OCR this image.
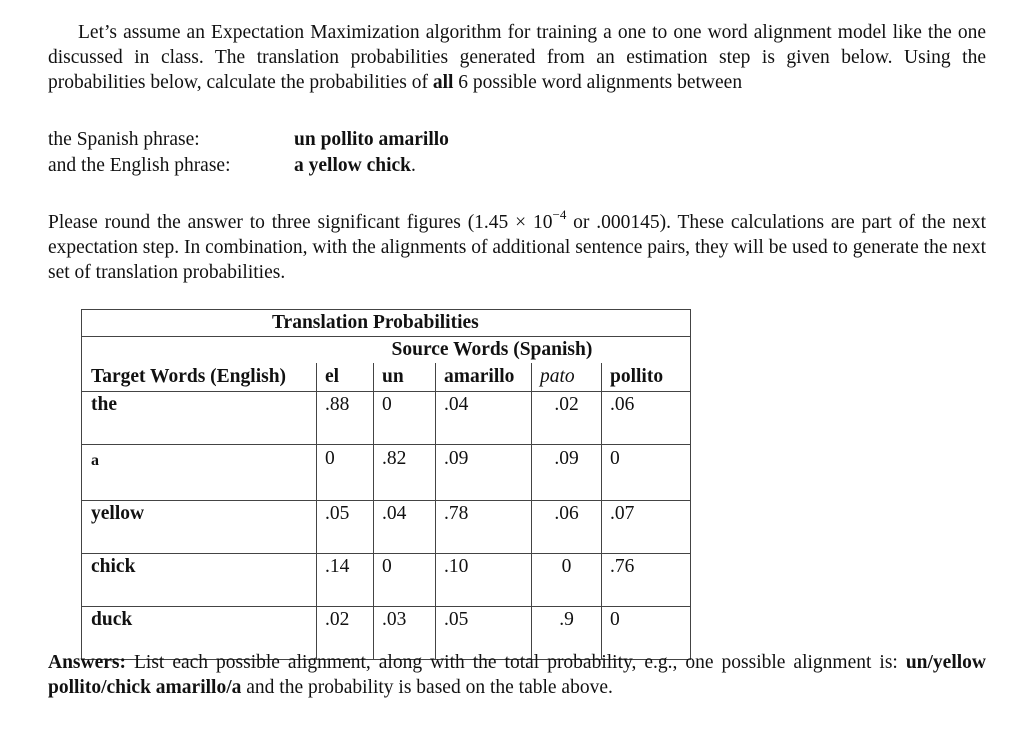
Let’s assume an Expectation Maximization algorithm for training a one to one word alignment model like the one discussed in class. The translation probabilities generated from an estimation step is given below. Using the probabilities below, calculate the probabilities of all 6 possible word alignments between

the Spanish phrase:	un pollito amarillo
and the English phrase:	a yellow chick.

Please round the answer to three significant figures ($1.45 \times 10^{-4}$ or .000145). These calculations are part of the next expectation step. In combination, with the alignments of additional sentence pairs, they will be used to generate the next set of translation probabilities.

Translation Probabilities					
	Source Words (Spanish)				
Target Words (English)	el	un	amarillo	pato	pollito
the	.88	0	.04	.02	.06
a	0	.82	.09	.09	0
yellow	.05	.04	.78	.06	.07
chick	.14	0	.10	0	.76
duck	.02	.03	.05	.9	0

Answers: List each possible alignment, along with the total probability, e.g., one possible alignment is: un/yellow pollito/chick amarillo/a and the probability is based on the table above.
